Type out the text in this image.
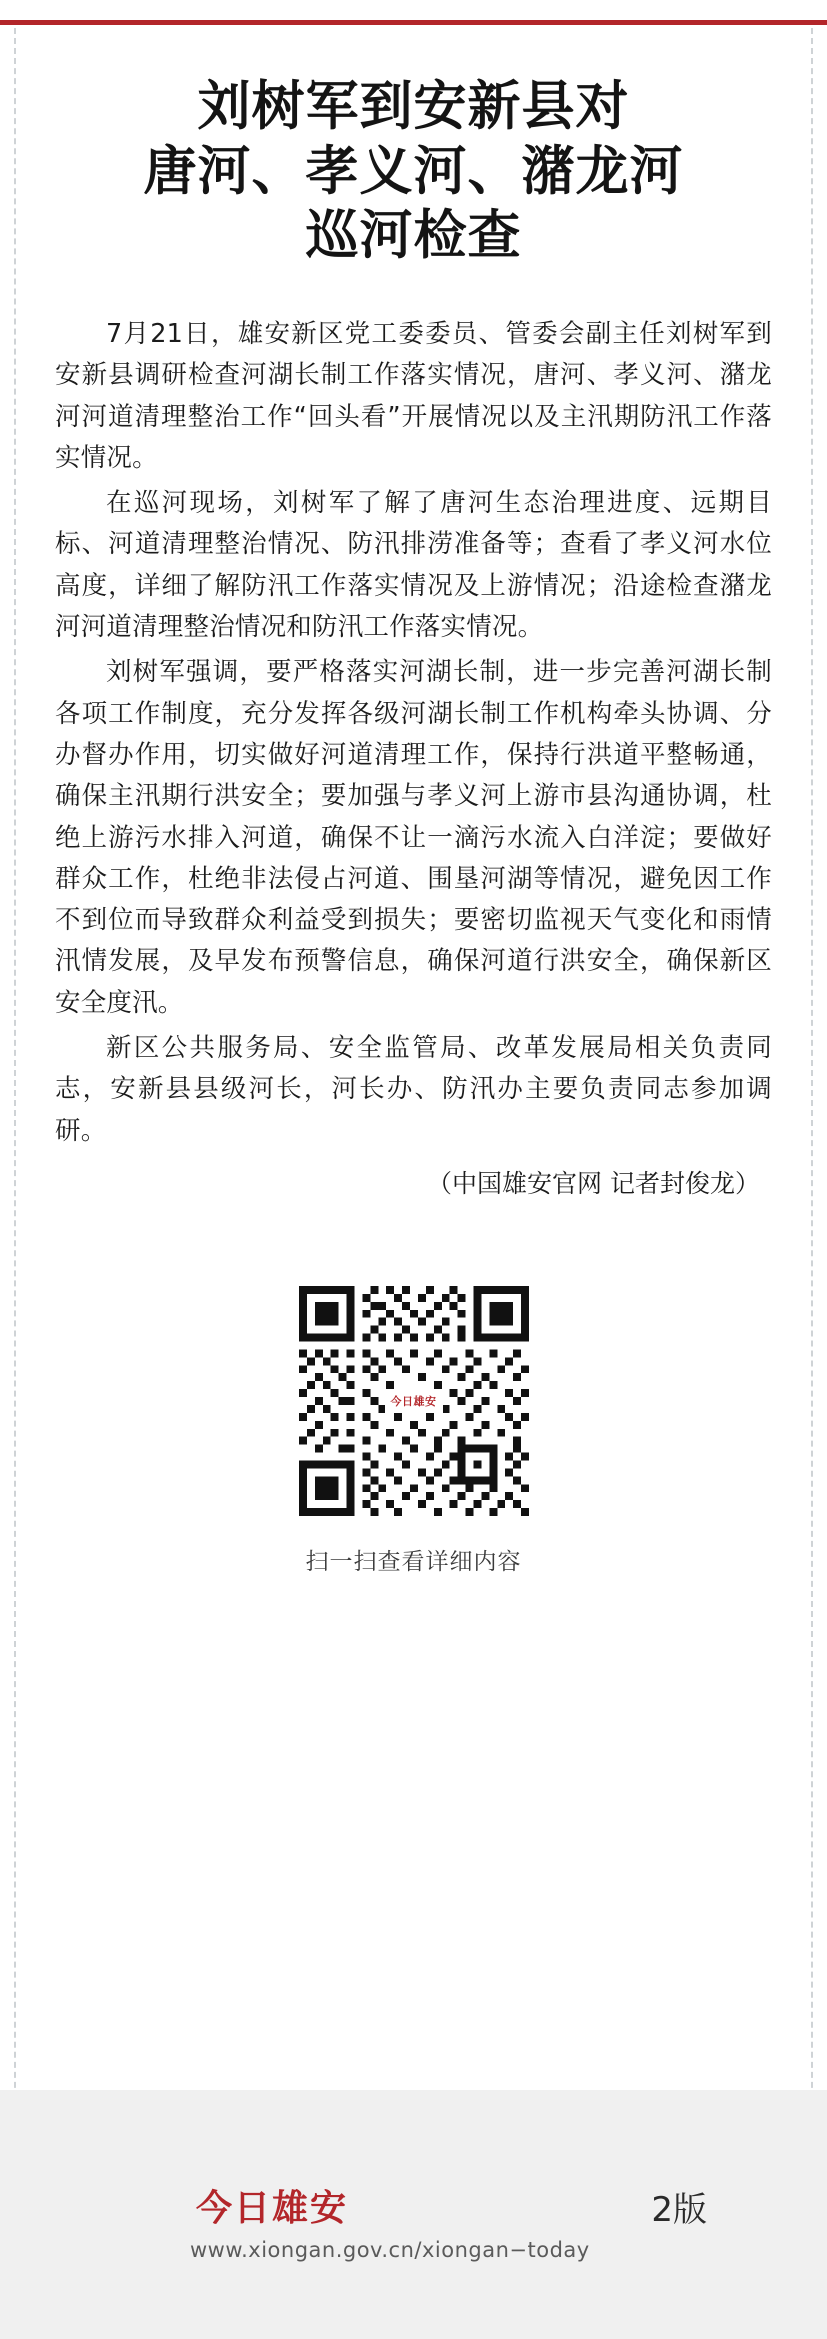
刘树军到安新县对
唐河、孝义河、潴龙河
巡河检查

7月21日，雄安新区党工委委员、管委会副主任刘树军到安新县调研检查河湖长制工作落实情况，唐河、孝义河、潴龙河河道清理整治工作“回头看”开展情况以及主汛期防汛工作落实情况。

在巡河现场，刘树军了解了唐河生态治理进度、远期目标、河道清理整治情况、防汛排涝准备等；查看了孝义河水位高度，详细了解防汛工作落实情况及上游情况；沿途检查潴龙河河道清理整治情况和防汛工作落实情况。

刘树军强调，要严格落实河湖长制，进一步完善河湖长制各项工作制度，充分发挥各级河湖长制工作机构牵头协调、分办督办作用，切实做好河道清理工作，保持行洪道平整畅通，确保主汛期行洪安全；要加强与孝义河上游市县沟通协调，杜绝上游污水排入河道，确保不让一滴污水流入白洋淀；要做好群众工作，杜绝非法侵占河道、围垦河湖等情况，避免因工作不到位而导致群众利益受到损失；要密切监视天气变化和雨情汛情发展，及早发布预警信息，确保河道行洪安全，确保新区安全度汛。

新区公共服务局、安全监管局、改革发展局相关负责同志，安新县县级河长，河长办、防汛办主要负责同志参加调研。

（中国雄安官网 记者封俊龙）
今日雄安
扫一扫查看详细内容
今日雄安
www.xiongan.gov.cn/xiongan−today
2版
